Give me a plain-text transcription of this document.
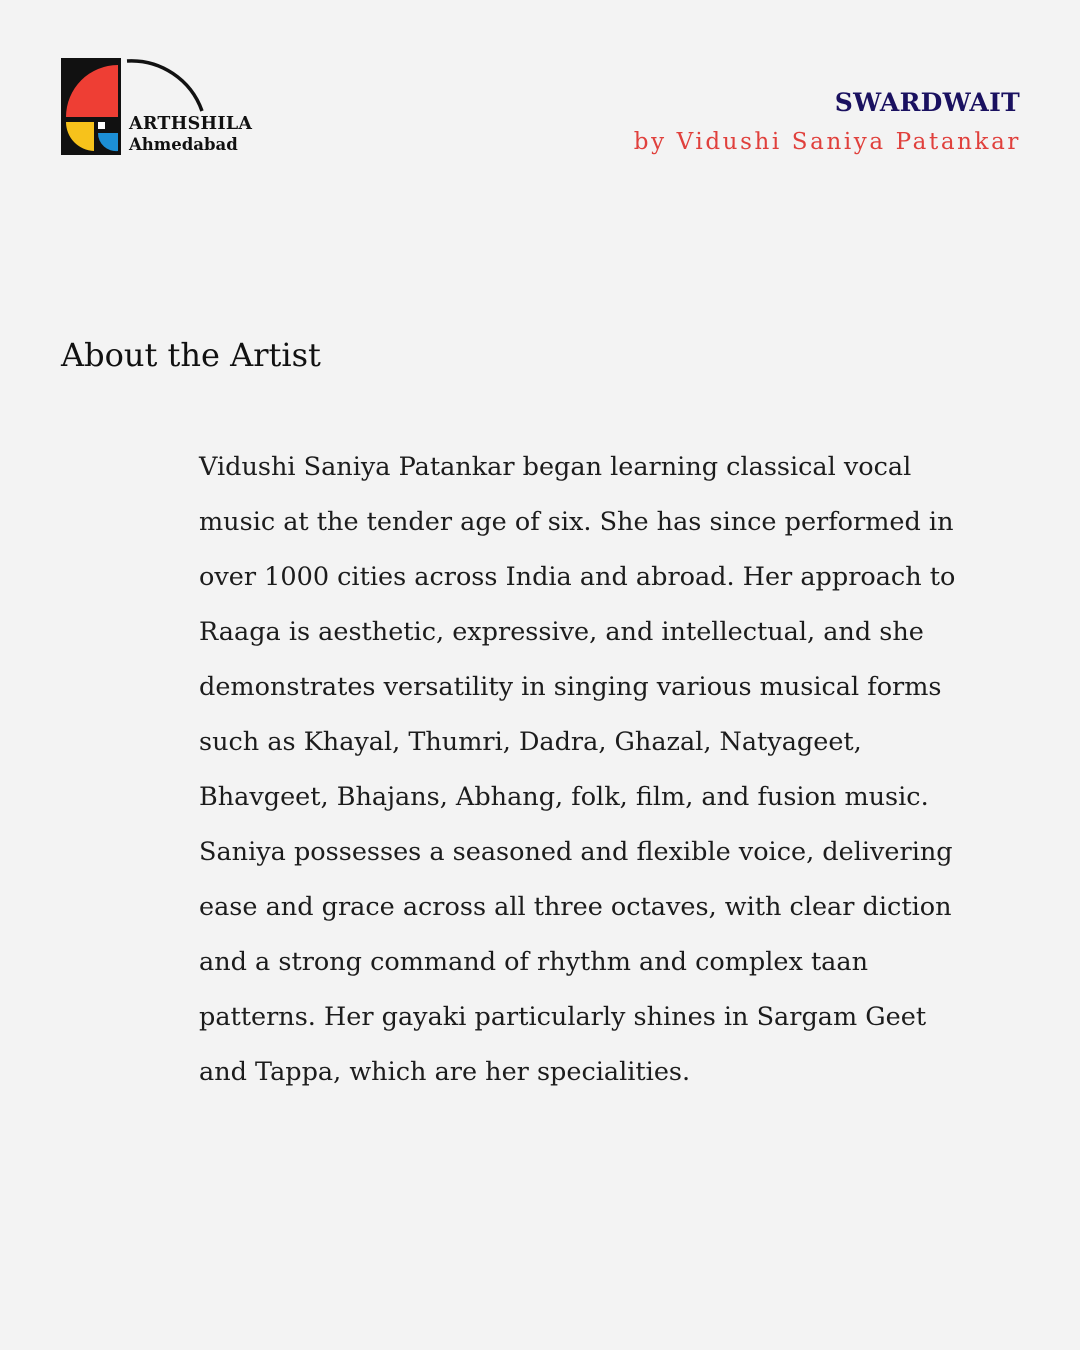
ARTHSHILA
Ahmedabad
SWARDWAIT
by Vidushi Saniya Patankar
About the Artist

Vidushi Saniya Patankar began learning classical vocal
music at the tender age of six. She has since performed in
over 1000 cities across India and abroad. Her approach to
Raaga is aesthetic, expressive, and intellectual, and she
demonstrates versatility in singing various musical forms
such as Khayal, Thumri, Dadra, Ghazal, Natyageet,
Bhavgeet, Bhajans, Abhang, folk, film, and fusion music.
Saniya possesses a seasoned and flexible voice, delivering
ease and grace across all three octaves, with clear diction
and a strong command of rhythm and complex taan
patterns. Her gayaki particularly shines in Sargam Geet
and Tappa, which are her specialities.
